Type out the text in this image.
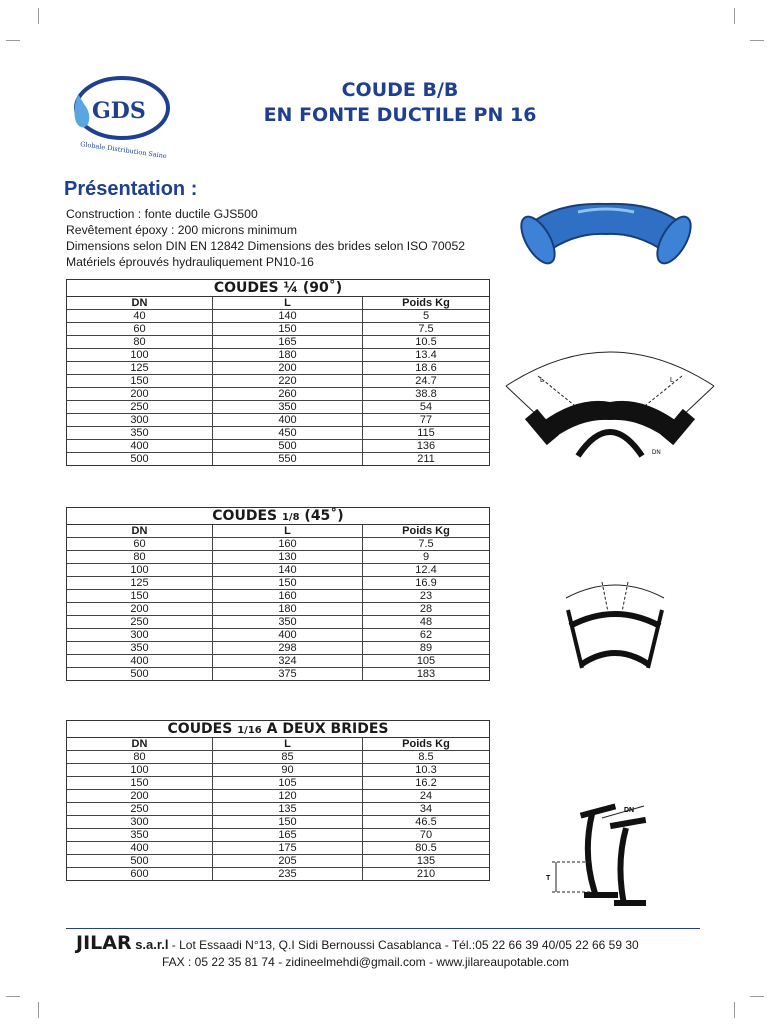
GDS
Globale Distribution Saine
COUDE B/B
EN FONTE DUCTILE PN 16
Présentation :
Construction : fonte ductile GJS500
Revêtement époxy : 200 microns minimum
Dimensions selon DIN EN 12842 Dimensions des brides selon ISO 70052
Matériels éprouvés hydrauliquement PN10-16
COUDES ¼ (90˚)
DN	L	Poids Kg
40	140	5
60	150	7.5
80	165	10.5
100	180	13.4
125	200	18.6
150	220	24.7
200	260	38.8
250	350	54
300	400	77
350	450	115
400	500	136
500	550	211
COUDES 1/8 (45˚)
DN	L	Poids Kg
60	160	7.5
80	130	9
100	140	12.4
125	150	16.9
150	160	23
200	180	28
250	350	48
300	400	62
350	298	89
400	324	105
500	375	183
COUDES 1/16 A DEUX BRIDES
DN	L	Poids Kg
80	85	8.5
100	90	10.3
150	105	16.2
200	120	24
250	135	34
300	150	46.5
350	165	70
400	175	80.5
500	205	135
600	235	210
L	L
DN
DN
T
JILAR s.a.r.l - Lot Essaadi N°13, Q.I Sidi Bernoussi Casablanca - Tél.:05 22 66 39 40/05 22 66 59 30
FAX : 05 22 35 81 74 - zidineelmehdi@gmail.com - www.jilareaupotable.com
